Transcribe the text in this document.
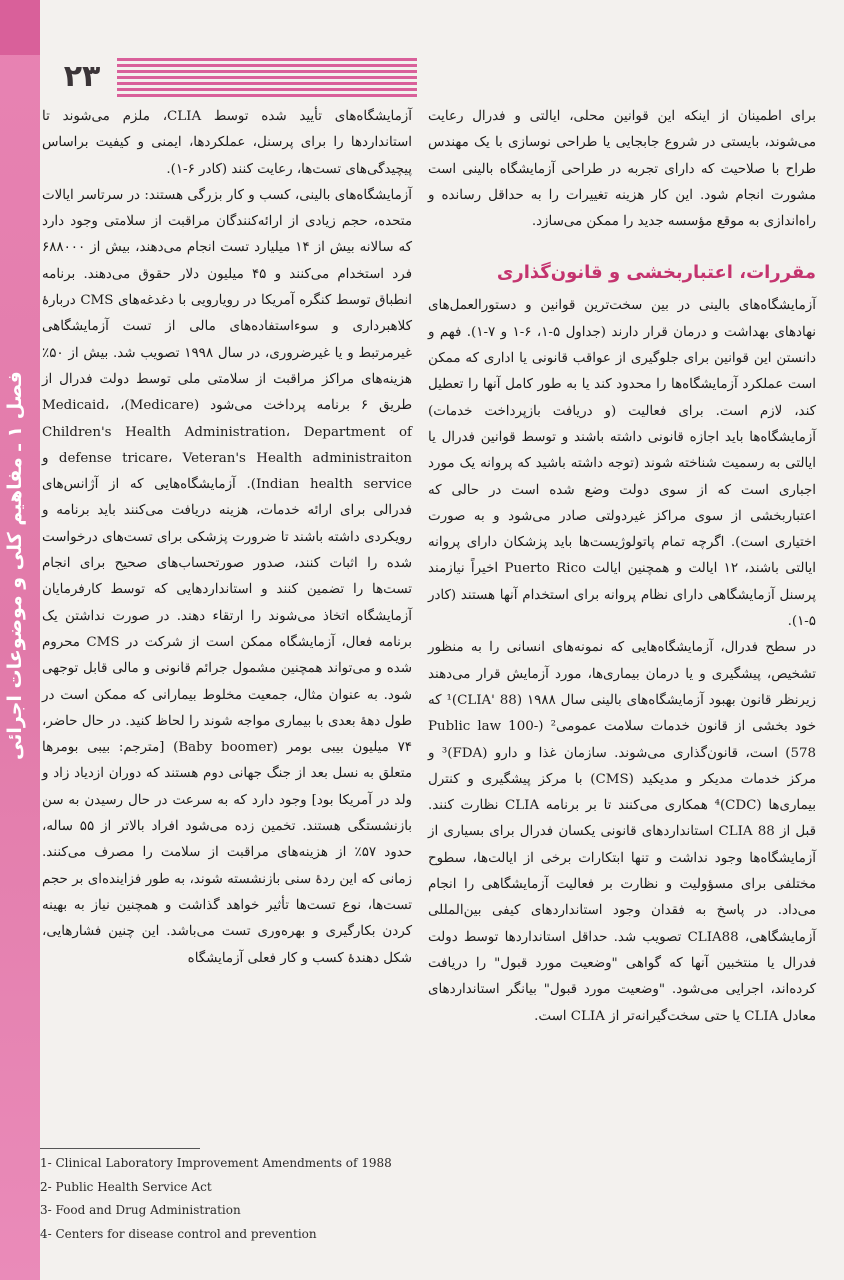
فصل ۱ ـ مفاهیم کلی و موضوعات اجرائی
۲۳

برای اطمینان از اینکه این قوانین محلی، ایالتی و فدرال رعایت می‌شوند، بایستی در شروع جابجایی یا طراحی نوسازی با یک مهندس طراح با صلاحیت که دارای تجربه در طراحی آزمایشگاه بالینی است مشورت انجام شود. این کار هزینه تغییرات را به حداقل رسانده و راه‌اندازی به موقع مؤسسه جدید را ممکن می‌سازد.

مقررات، اعتباربخشی و قانون‌گذاری

آزمایشگاه‌های بالینی در بین سخت‌ترین قوانین و دستورالعمل‌های نهادهای بهداشت و درمان قرار دارند (جداول ۵-۱، ۶-۱ و ۷-۱). فهم و دانستن این قوانین برای جلوگیری از عواقب قانونی یا اداری که ممکن است عملکرد آزمایشگاه‌ها را محدود کند یا به طور کامل آنها را تعطیل کند، لازم است. برای فعالیت (و دریافت بازپرداخت خدمات) آزمایشگاه‌ها باید اجازه قانونی داشته باشند و توسط قوانین فدرال یا ایالتی به رسمیت شناخته شوند (توجه داشته باشید که پروانه یک مورد اجباری است که از سوی دولت وضع شده است در حالی که اعتباربخشی از سوی مراکز غیردولتی صادر می‌شود و به صورت اختیاری است). اگرچه تمام پاتولوژیست‌ها باید پزشکان دارای پروانه ایالتی باشند، ۱۲ ایالت و همچنین ایالت Puerto Rico اخیراً نیازمند پرسنل آزمایشگاهی دارای نظام پروانه برای استخدام آنها هستند (کادر ۵-۱).

در سطح فدرال، آزمایشگاه‌هایی که نمونه‌های انسانی را به منظور تشخیص، پیشگیری و یا درمان بیماری‌ها، مورد آزمایش قرار می‌دهند زیرنظر قانون بهبود آزمایشگاه‌های بالینی سال ۱۹۸۸ (CLIA' 88)¹ که خود بخشی از قانون خدمات سلامت عمومی² (Public law 100-578) است، قانون‌گذاری می‌شوند. سازمان غذا و دارو (FDA)³ و مرکز خدمات مدیکر و مدیکید (CMS) با مرکز پیشگیری و کنترل بیماری‌ها (CDC)⁴ همکاری می‌کنند تا بر برنامه CLIA نظارت کنند. قبل از CLIA 88 استانداردهای قانونی یکسان فدرال برای بسیاری از آزمایشگاه‌ها وجود نداشت و تنها ابتکارات برخی از ایالت‌ها، سطوح مختلفی برای مسؤولیت و نظارت بر فعالیت آزمایشگاهی را انجام می‌داد. در پاسخ به فقدان وجود استانداردهای کیفی بین‌المللی آزمایشگاهی، CLIA88 تصویب شد. حداقل استانداردها توسط دولت فدرال یا منتخبین آنها که گواهی "وضعیت مورد قبول" را دریافت کرده‌اند، اجرایی می‌شود. "وضعیت مورد قبول" بیانگر استانداردهای معادل CLIA یا حتی سخت‌گیرانه‌تر از CLIA است.

آزمایشگاه‌های تأیید شده توسط CLIA، ملزم می‌شوند تا استانداردها را برای پرسنل، عملکردها، ایمنی و کیفیت براساس پیچیدگی‌های تست‌ها، رعایت کنند (کادر ۶-۱).

آزمایشگاه‌های بالینی، کسب و کار بزرگی هستند: در سرتاسر ایالات متحده، حجم زیادی از ارائه‌کنندگان مراقبت از سلامتی وجود دارد که سالانه بیش از ۱۴ میلیارد تست انجام می‌دهند، بیش از ۶۸۸۰۰۰ فرد استخدام می‌کنند و ۴۵ میلیون دلار حقوق می‌دهند. برنامه انطباق توسط کنگره آمریکا در رویارویی با دغدغه‌های CMS دربارهٔ کلاهبرداری و سوءاستفاده‌های مالی از تست آزمایشگاهی غیرمرتبط و یا غیرضروری، در سال ۱۹۹۸ تصویب شد. بیش از ۵۰٪ هزینه‌های مراکز مراقبت از سلامتی ملی توسط دولت فدرال از طریق ۶ برنامه پرداخت می‌شود (Medicare)، Medicaid، Children's Health Administration، Department of defense tricare، Veteran's Health administraiton و Indian health service). آزمایشگاه‌هایی که از آژانس‌های فدرالی برای ارائه خدمات، هزینه دریافت می‌کنند باید برنامه و رویکردی داشته باشند تا ضرورت پزشکی برای تست‌های درخواست شده را اثبات کنند، صدور صورتحساب‌های صحیح برای انجام تست‌ها را تضمین کنند و استانداردهایی که توسط کارفرمایان آزمایشگاه اتخاذ می‌شوند را ارتقاء دهند. در صورت نداشتن یک برنامه فعال، آزمایشگاه ممکن است از شرکت در CMS محروم شده و می‌تواند همچنین مشمول جرائم قانونی و مالی قابل توجهی شود. به عنوان مثال، جمعیت مخلوط بیمارانی که ممکن است در طول دههٔ بعدی با بیماری مواجه شوند را لحاظ کنید. در حال حاضر، ۷۴ میلیون بیبی بومر (Baby boomer) [مترجم: بیبی بومرها متعلق به نسل بعد از جنگ جهانی دوم هستند که دوران ازدیاد زاد و ولد در آمریکا بود] وجود دارد که به سرعت در حال رسیدن به سن بازنشستگی هستند. تخمین زده می‌شود افراد بالاتر از ۵۵ ساله، حدود ۵۷٪ از هزینه‌های مراقبت از سلامت را مصرف می‌کنند. زمانی که این ردهٔ سنی بازنشسته شوند، به طور فزاینده‌ای بر حجم تست‌ها، نوع تست‌ها تأثیر خواهد گذاشت و همچنین نیاز به بهینه کردن بکارگیری و بهره‌وری تست می‌باشد. این چنین فشارهایی، شکل دهندهٔ کسب و کار فعلی آزمایشگاه

1- Clinical Laboratory Improvement Amendments of 1988
2- Public Health Service Act
3- Food and Drug Administration
4- Centers for disease control and prevention
